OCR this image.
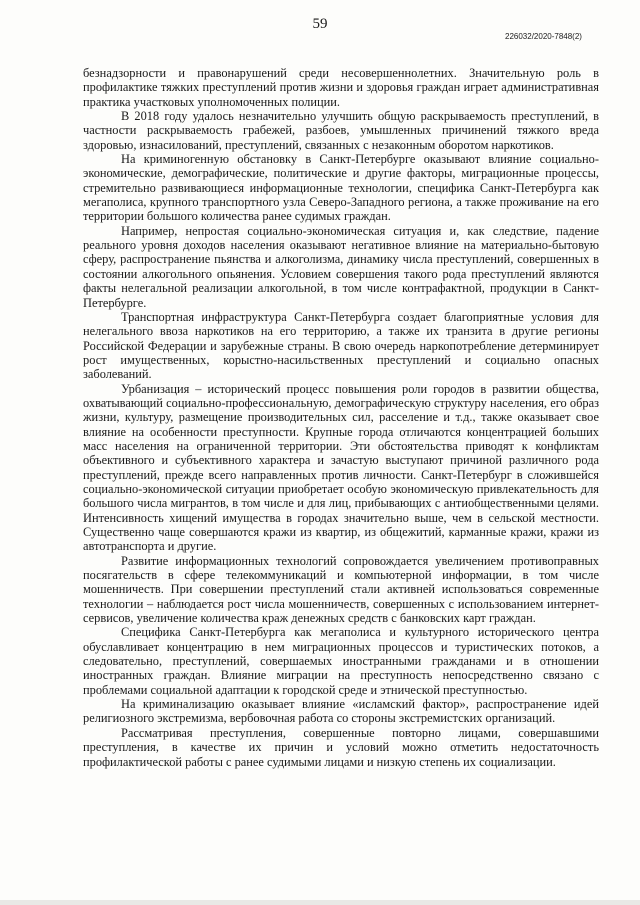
59
226032/2020-7848(2)

безнадзорности и правонарушений среди несовершеннолетних. Значительную роль в профилактике тяжких преступлений против жизни и здоровья граждан играет административная практика участковых уполномоченных полиции.

В 2018 году удалось незначительно улучшить общую раскрываемость преступлений, в частности раскрываемость грабежей, разбоев, умышленных причинений тяжкого вреда здоровью, изнасилований, преступлений, связанных с незаконным оборотом наркотиков.

На криминогенную обстановку в Санкт-Петербурге оказывают влияние социально-экономические, демографические, политические и другие факторы, миграционные процессы, стремительно развивающиеся информационные технологии, специфика Санкт-Петербурга как мегаполиса, крупного транспортного узла Северо-Западного региона, а также проживание на его территории большого количества ранее судимых граждан.

Например, непростая социально-экономическая ситуация и, как следствие, падение реального уровня доходов населения оказывают негативное влияние на материально-бытовую сферу, распространение пьянства и алкоголизма, динамику числа преступлений, совершенных в состоянии алкогольного опьянения. Условием совершения такого рода преступлений являются факты нелегальной реализации алкогольной, в том числе контрафактной, продукции в Санкт-Петербурге.

Транспортная инфраструктура Санкт-Петербурга создает благоприятные условия для нелегального ввоза наркотиков на его территорию, а также их транзита в другие регионы Российской Федерации и зарубежные страны. В свою очередь наркопотребление детерминирует рост имущественных, корыстно-насильственных преступлений и социально опасных заболеваний.

Урбанизация – исторический процесс повышения роли городов в развитии общества, охватывающий социально-профессиональную, демографическую структуру населения, его образ жизни, культуру, размещение производительных сил, расселение и т.д., также оказывает свое влияние на особенности преступности. Крупные города отличаются концентрацией больших масс населения на ограниченной территории. Эти обстоятельства приводят к конфликтам объективного и субъективного характера и зачастую выступают причиной различного рода преступлений, прежде всего направленных против личности. Санкт-Петербург в сложившейся социально-экономической ситуации приобретает особую экономическую привлекательность для большого числа мигрантов, в том числе и для лиц, прибывающих с антиобщественными целями. Интенсивность хищений имущества в городах значительно выше, чем в сельской местности. Существенно чаще совершаются кражи из квартир, из общежитий, карманные кражи, кражи из автотранспорта и другие.

Развитие информационных технологий сопровождается увеличением противоправных посягательств в сфере телекоммуникаций и компьютерной информации, в том числе мошенничеств. При совершении преступлений стали активней использоваться современные технологии – наблюдается рост числа мошенничеств, совершенных с использованием интернет-сервисов, увеличение количества краж денежных средств с банковских карт граждан.

Специфика Санкт-Петербурга как мегаполиса и культурного исторического центра обуславливает концентрацию в нем миграционных процессов и туристических потоков, а следовательно, преступлений, совершаемых иностранными гражданами и в отношении иностранных граждан. Влияние миграции на преступность непосредственно связано с проблемами социальной адаптации к городской среде и этнической преступностью.

На криминализацию оказывает влияние «исламский фактор», распространение идей религиозного экстремизма, вербовочная работа со стороны экстремистских организаций.

Рассматривая преступления, совершенные повторно лицами, совершавшими преступления, в качестве их причин и условий можно отметить недостаточность профилактической работы с ранее судимыми лицами и низкую степень их социализации.
